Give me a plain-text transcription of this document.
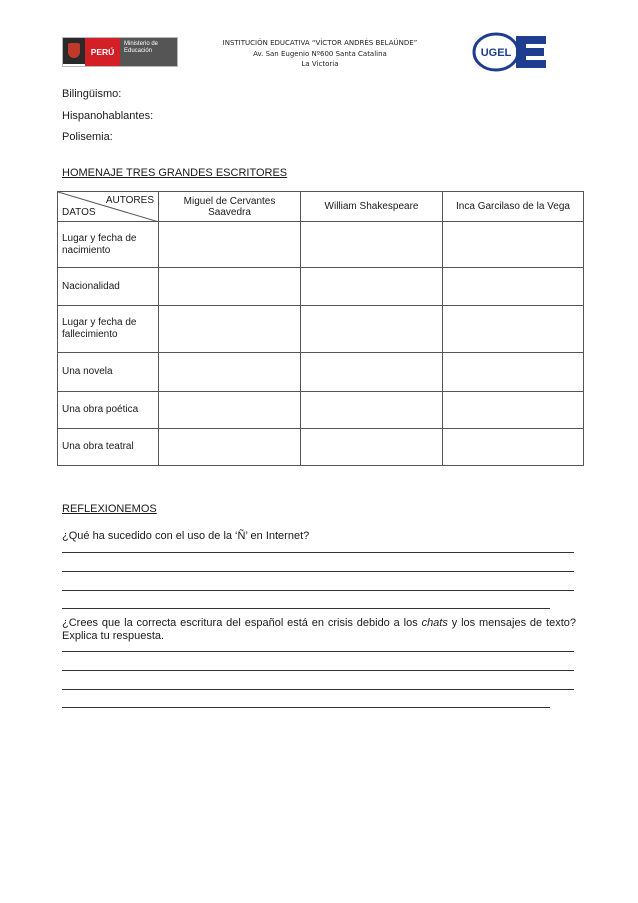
PERÚ
Ministerio de Educación
INSTITUCIÓN EDUCATIVA “VÍCTOR ANDRÉS BELAÚNDE”
Av. San Eugenio Nº600 Santa Catalina
La Victoria
UGEL
Bilingüismo:
Hispanohablantes:
Polisemia:
HOMENAJE TRES GRANDES ESCRITORES
AUTORES
DATOS	Miguel de Cervantes Saavedra	William Shakespeare	Inca Garcilaso de la Vega
Lugar y fecha de nacimiento			
Nacionalidad			
Lugar y fecha de fallecimiento			
Una novela			
Una obra poética			
Una obra teatral			
REFLEXIONEMOS
¿Qué ha sucedido con el uso de la ‘Ñ’ en Internet?
¿Crees que la correcta escritura del español está en crisis debido a los chats y los mensajes de texto? Explica tu respuesta.
